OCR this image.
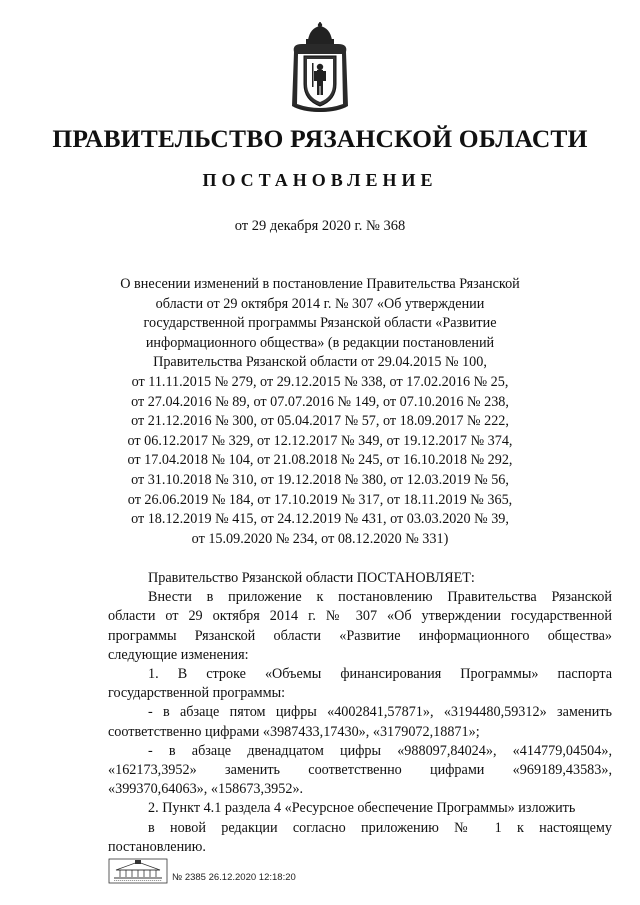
ПРАВИТЕЛЬСТВО РЯЗАНСКОЙ ОБЛАСТИ
ПОСТАНОВЛЕНИЕ
от 29 декабря 2020 г. № 368
О внесении изменений в постановление Правительства Рязанской
области от 29 октября 2014 г. № 307 «Об утверждении
государственной программы Рязанской области «Развитие
информационного общества» (в редакции постановлений
Правительства Рязанской области от 29.04.2015 № 100,
от 11.11.2015 № 279, от 29.12.2015 № 338, от 17.02.2016 № 25,
от 27.04.2016 № 89, от 07.07.2016 № 149, от 07.10.2016 № 238,
от 21.12.2016 № 300, от 05.04.2017 № 57, от 18.09.2017 № 222,
от 06.12.2017 № 329, от 12.12.2017 № 349, от 19.12.2017 № 374,
от 17.04.2018 № 104, от 21.08.2018 № 245, от 16.10.2018 № 292,
от 31.10.2018 № 310, от 19.12.2018 № 380, от 12.03.2019 № 56,
от 26.06.2019 № 184, от 17.10.2019 № 317, от 18.11.2019 № 365,
от 18.12.2019 № 415, от 24.12.2019 № 431, от 03.03.2020 № 39,
от 15.09.2020 № 234, от 08.12.2020 № 331)
Правительство Рязанской области ПОСТАНОВЛЯЕТ:
Внести в приложение к постановлению Правительства Рязанской
области от 29 октября 2014 г. № 307 «Об утверждении государственной
программы Рязанской области «Развитие информационного общества»
следующие изменения:
1. В строке «Объемы финансирования Программы» паспорта
государственной программы:
- в абзаце пятом цифры «4002841,57871», «3194480,59312» заменить
соответственно цифрами «3987433,17430», «3179072,18871»;
- в абзаце двенадцатом цифры «988097,84024», «414779,04504»,
«162173,3952» заменить соответственно цифрами «969189,43583»,
«399370,64063», «158673,3952».
2. Пункт 4.1 раздела 4 «Ресурсное обеспечение Программы» изложить
в новой редакции согласно приложению № 1 к настоящему
постановлению.
№ 2385 26.12.2020 12:18:20
